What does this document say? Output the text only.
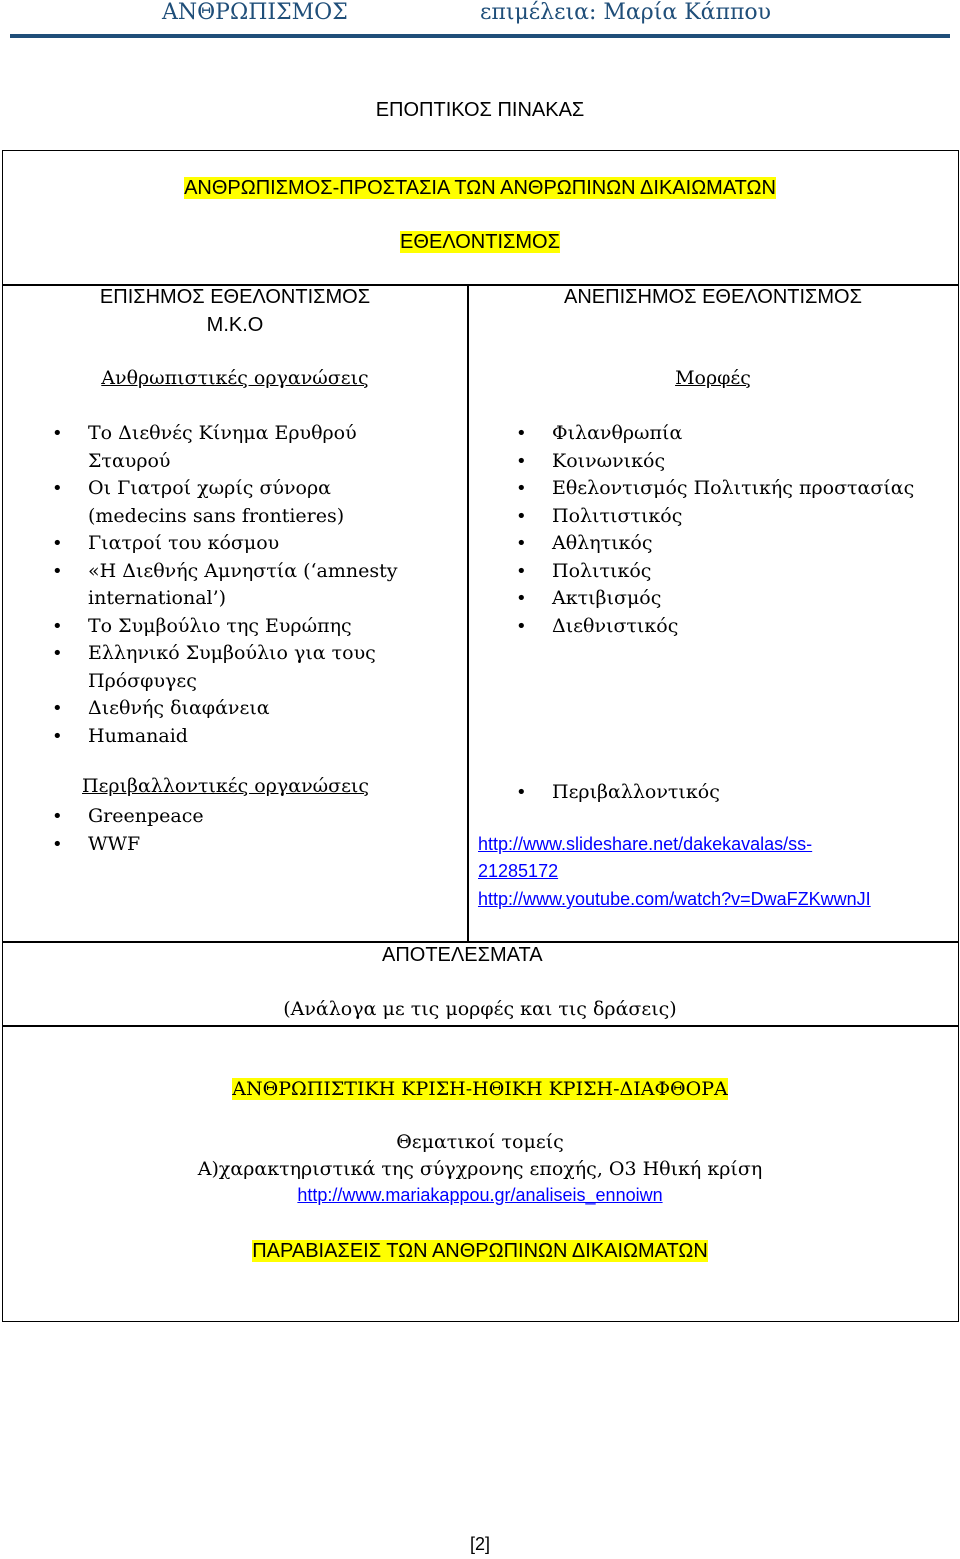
ΑΝΘΡΩΠΙΣΜΟΣ	επιμέλεια: Μαρία Κάππου
ΕΠΟΠΤΙΚΟΣ ΠΙΝΑΚΑΣ
ΑΝΘΡΩΠΙΣΜΟΣ-ΠΡΟΣΤΑΣΙΑ ΤΩΝ ΑΝΘΡΩΠΙΝΩΝ ΔΙΚΑΙΩΜΑΤΩΝ
ΕΘΕΛΟΝΤΙΣΜΟΣ
ΕΠΙΣΗΜΟΣ ΕΘΕΛΟΝΤΙΣΜΟΣ
Μ.Κ.Ο
Ανθρωπιστικές οργανώσεις
• Το Διεθνές Κίνημα Ερυθρού
Σταυρού
• Οι Γιατροί χωρίς σύνορα
(medecins sans frontieres)
• Γιατροί του κόσμου
• «Η Διεθνής Αμνηστία (‘amnesty
international’)
• Το Συμβούλιο της Ευρώπης
• Ελληνικό Συμβούλιο για τους
Πρόσφυγες
• Διεθνής διαφάνεια
• Humanaid
Περιβαλλοντικές οργανώσεις
• Greenpeace
• WWF
ΑΝΕΠΙΣΗΜΟΣ ΕΘΕΛΟΝΤΙΣΜΟΣ
Μορφές
• Φιλανθρωπία
• Κοινωνικός
• Εθελοντισμός Πολιτικής προστασίας
• Πολιτιστικός
• Αθλητικός
• Πολιτικός
• Ακτιβισμός
• Διεθνιστικός
• Περιβαλλοντικός
http://www.slideshare.net/dakekavalas/ss-
21285172
http://www.youtube.com/watch?v=DwaFZKwwnJI
ΑΠΟΤΕΛΕΣΜΑΤΑ
(Ανάλογα με τις μορφές και τις δράσεις)
ΑΝΘΡΩΠΙΣΤΙΚΗ ΚΡΙΣΗ-ΗΘΙΚΗ ΚΡΙΣΗ-ΔΙΑΦΘΟΡΑ
Θεματικοί τομείς
Α)χαρακτηριστικά της σύγχρονης εποχής, Ο3 Ηθική κρίση
http://www.mariakappou.gr/analiseis_ennoiwn
ΠΑΡΑΒΙΑΣΕΙΣ ΤΩΝ ΑΝΘΡΩΠΙΝΩΝ ΔΙΚΑΙΩΜΑΤΩΝ
[2]
